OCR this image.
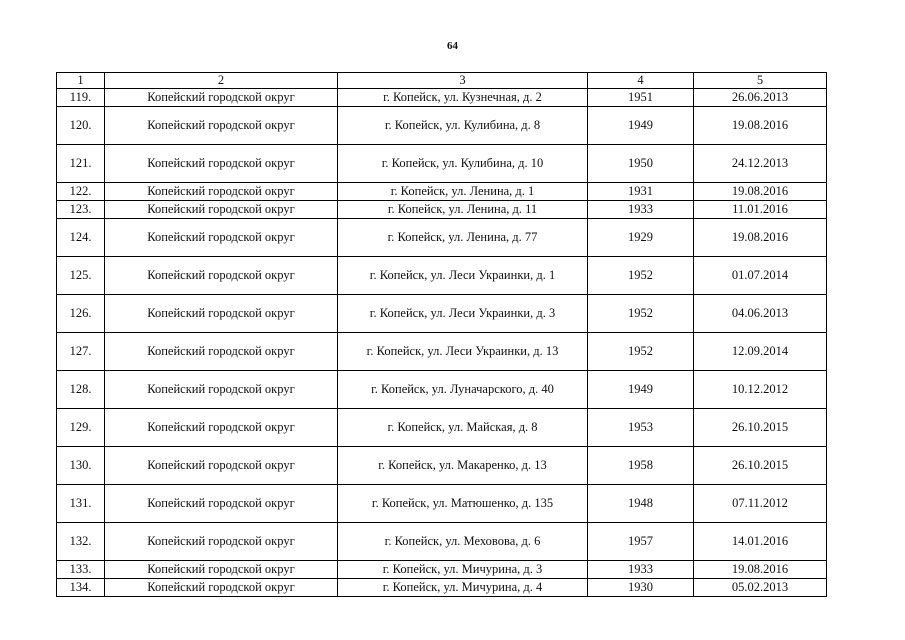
64
1	2	3	4	5
119.	Копейский городской округ	г. Копейск, ул. Кузнечная, д. 2	1951	26.06.2013
120.	Копейский городской округ	г. Копейск, ул. Кулибина, д. 8	1949	19.08.2016
121.	Копейский городской округ	г. Копейск, ул. Кулибина, д. 10	1950	24.12.2013
122.	Копейский городской округ	г. Копейск, ул. Ленина, д. 1	1931	19.08.2016
123.	Копейский городской округ	г. Копейск, ул. Ленина, д. 11	1933	11.01.2016
124.	Копейский городской округ	г. Копейск, ул. Ленина, д. 77	1929	19.08.2016
125.	Копейский городской округ	г. Копейск, ул. Леси Украинки, д. 1	1952	01.07.2014
126.	Копейский городской округ	г. Копейск, ул. Леси Украинки, д. 3	1952	04.06.2013
127.	Копейский городской округ	г. Копейск, ул. Леси Украинки, д. 13	1952	12.09.2014
128.	Копейский городской округ	г. Копейск, ул. Луначарского, д. 40	1949	10.12.2012
129.	Копейский городской округ	г. Копейск, ул. Майская, д. 8	1953	26.10.2015
130.	Копейский городской округ	г. Копейск, ул. Макаренко, д. 13	1958	26.10.2015
131.	Копейский городской округ	г. Копейск, ул. Матюшенко, д. 135	1948	07.11.2012
132.	Копейский городской округ	г. Копейск, ул. Меховова, д. 6	1957	14.01.2016
133.	Копейский городской округ	г. Копейск, ул. Мичурина, д. 3	1933	19.08.2016
134.	Копейский городской округ	г. Копейск, ул. Мичурина, д. 4	1930	05.02.2013
